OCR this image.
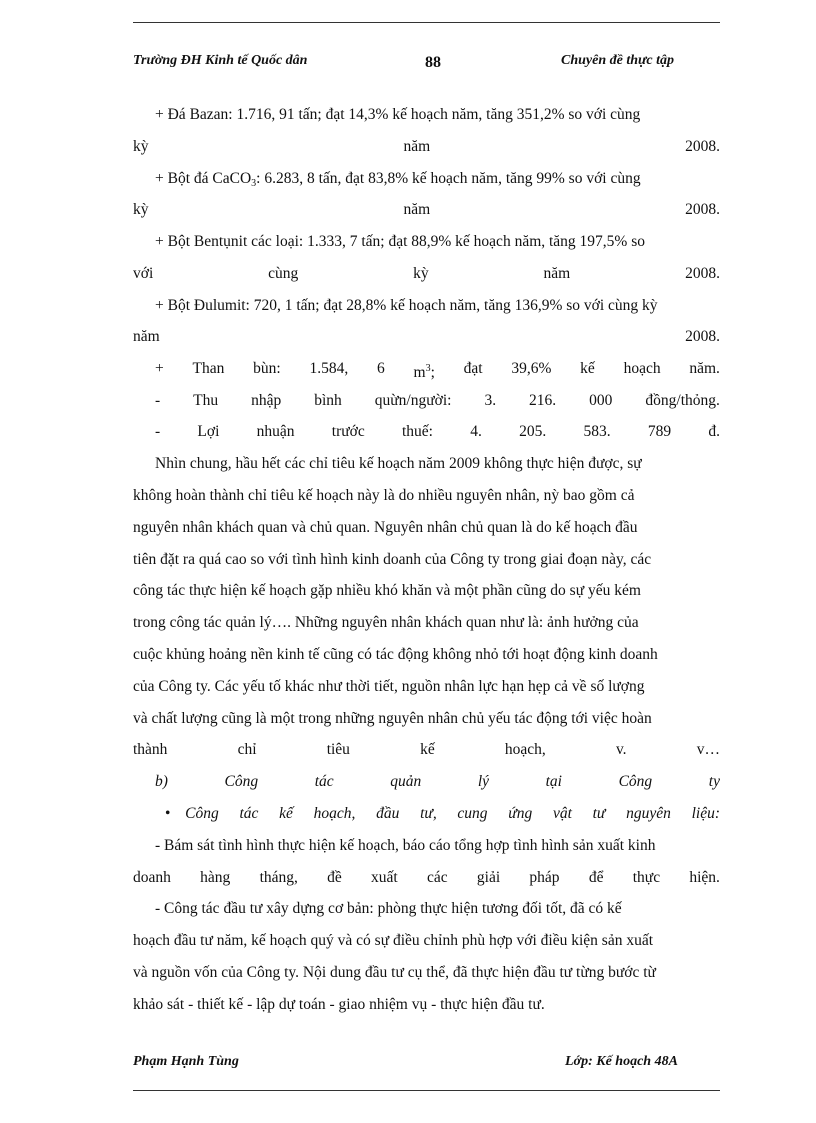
Trường ĐH Kinh tế Quốc dân	88	Chuyên đề thực tập
+ Đá Bazan: 1.716, 91 tấn; đạt 14,3% kế hoạch năm, tăng 351,2% so với cùng
kỳ	năm	2008.
+ Bột đá CaCO$_3$: 6.283, 8 tấn, đạt 83,8% kế hoạch năm, tăng 99% so với cùng
kỳ	năm	2008.
+ Bột Bentụnit các loại: 1.333, 7 tấn; đạt 88,9% kế hoạch năm, tăng 197,5% so
với	cùng	kỳ	năm	2008.
+ Bột Đulumit: 720, 1 tấn; đạt 28,8% kế hoạch năm, tăng 136,9% so với cùng kỳ
năm	2008.
+ Than bùn: 1.584, 6 $m^3$; đạt 39,6% kế hoạch năm.
- Thu nhập bình quừn/người: 3. 216. 000 đồng/thỏng.
- Lợi nhuận trước thuế: 4. 205. 583. 789 đ.
Nhìn chung, hầu hết các chỉ tiêu kế hoạch năm 2009 không thực hiện được, sự
không hoàn thành chỉ tiêu kế hoạch này là do nhiều nguyên nhân, nỳ bao gồm cả
nguyên nhân khách quan và chủ quan. Nguyên nhân chủ quan là do kế hoạch đầu
tiên đặt ra quá cao so với tình hình kinh doanh của Công ty trong giai đoạn này, các
công tác thực hiện kế hoạch gặp nhiều khó khăn và một phần cũng do sự yếu kém
trong công tác quản lý…. Những nguyên nhân khách quan như là: ảnh hưởng của
cuộc khủng hoảng nền kinh tế cũng có tác động không nhỏ tới hoạt động kinh doanh
của Công ty. Các yếu tố khác như thời tiết, nguồn nhân lực hạn hẹp cả về số lượng
và chất lượng cũng là một trong những nguyên nhân chủ yếu tác động tới việc hoàn
thành	chỉ	tiêu	kế	hoạch,	v.	v…
b)	Công	tác	quản	lý	tại	Công	ty
• Công tác kế hoạch, đầu tư, cung ứng vật tư nguyên liệu:
- Bám sát tình hình thực hiện kế hoạch, báo cáo tổng hợp tình hình sản xuất kinh
doanh hàng tháng, đề xuất các giải pháp để thực hiện.
- Công tác đầu tư xây dựng cơ bản: phòng thực hiện tương đối tốt, đã có kế
hoạch đầu tư năm, kế hoạch quý và có sự điều chỉnh phù hợp với điều kiện sản xuất
và nguồn vốn của Công ty. Nội dung đầu tư cụ thể, đã thực hiện đầu tư từng bước từ
khảo sát - thiết kế - lập dự toán - giao nhiệm vụ - thực hiện đầu tư.
Phạm Hạnh Tùng	Lớp: Kế hoạch 48A
